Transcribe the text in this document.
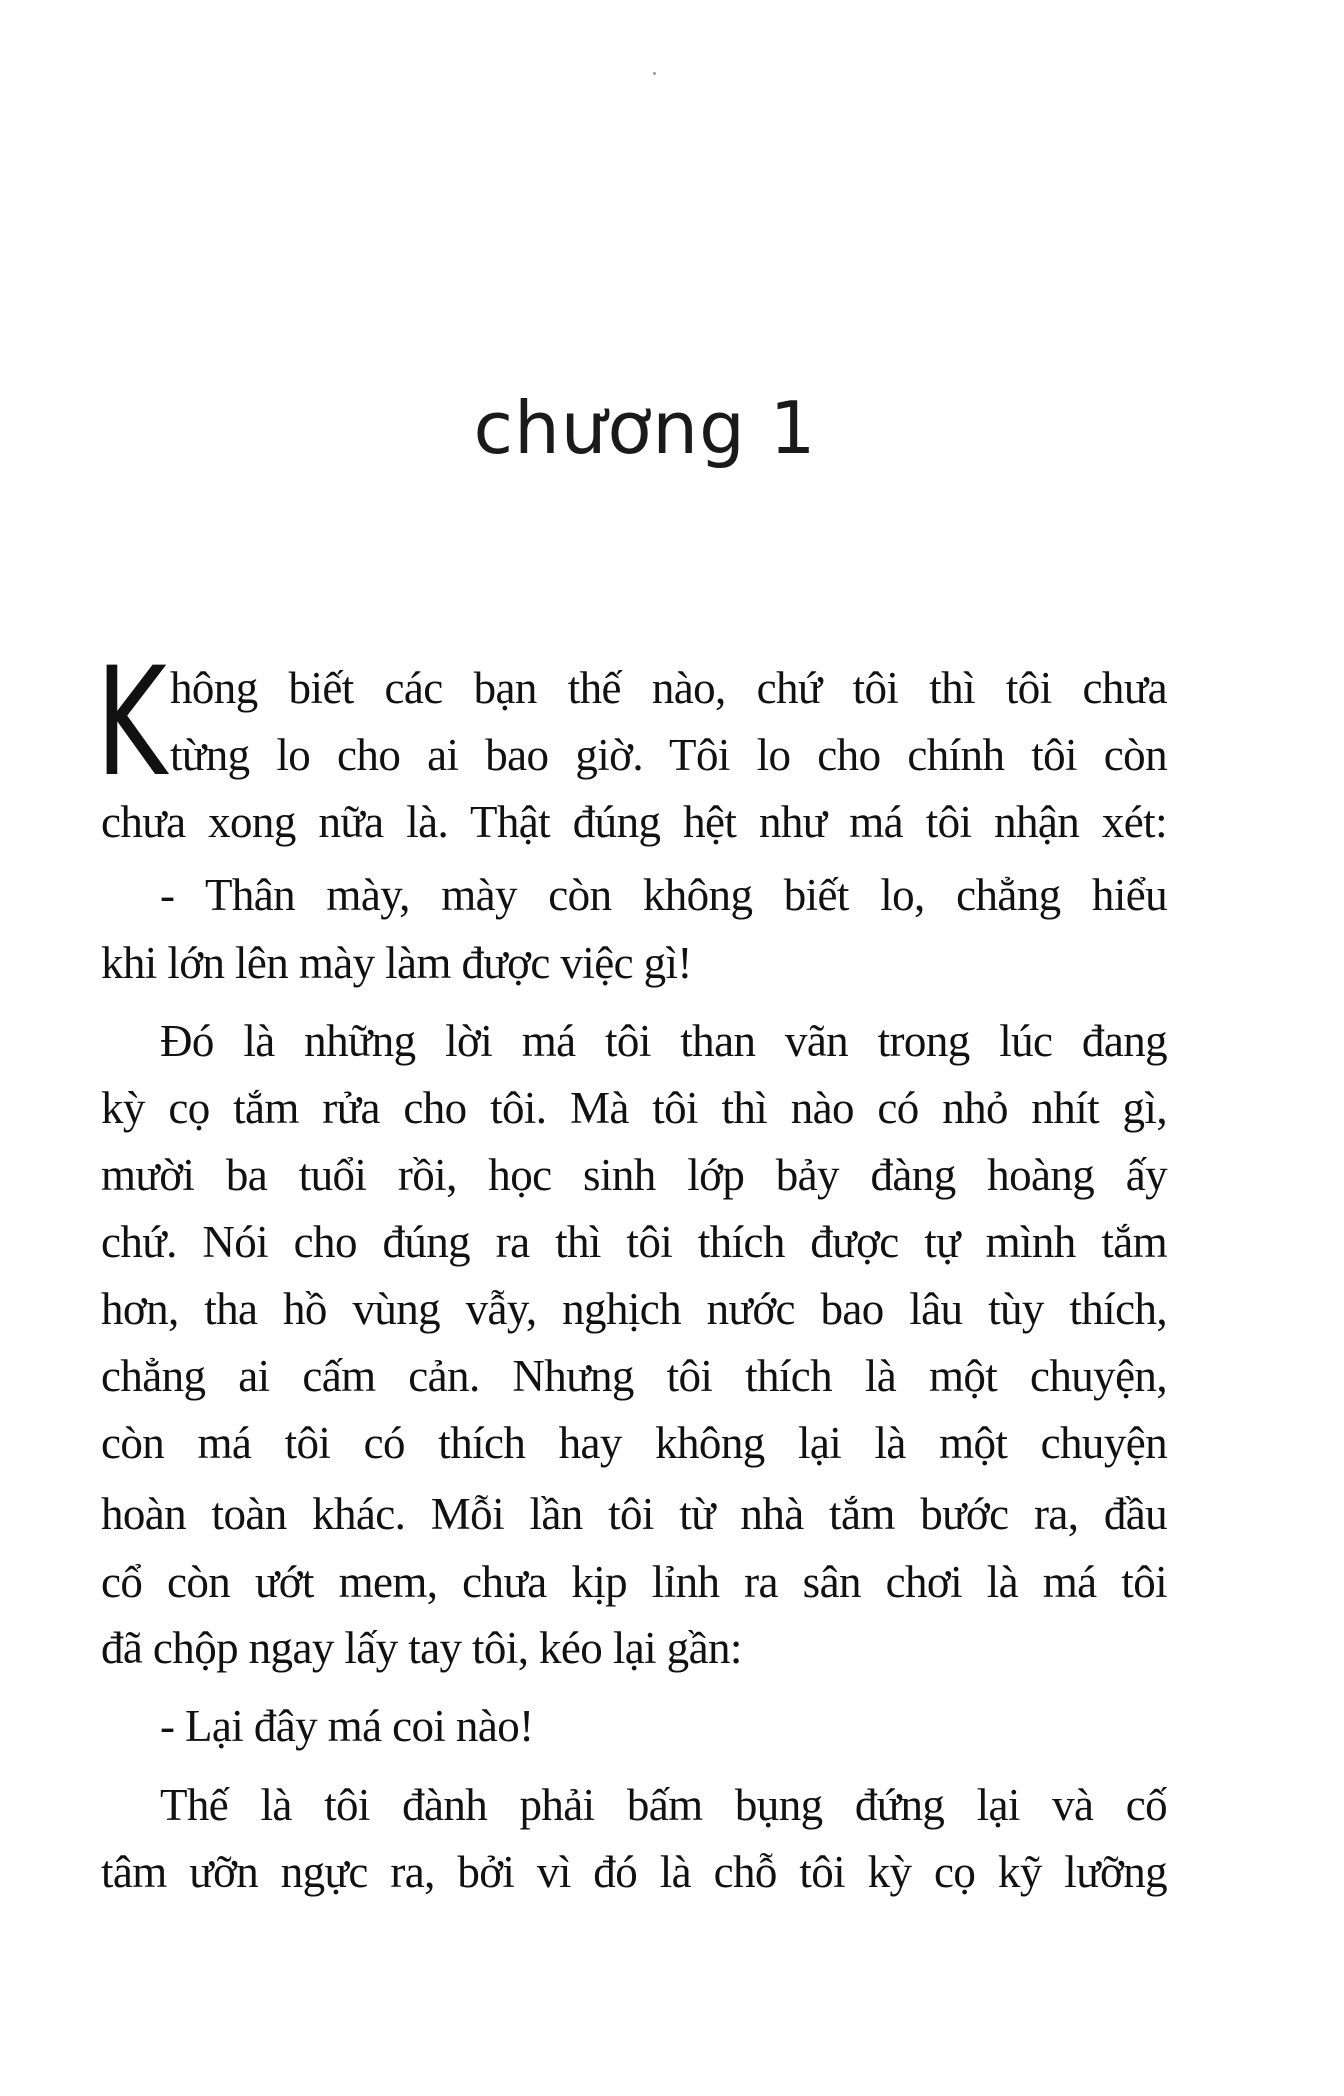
chương 1
K hông biết các bạn thế nào, chứ tôi thì tôi chưa
từng lo cho ai bao giờ. Tôi lo cho chính tôi còn
chưa xong nữa là. Thật đúng hệt như má tôi nhận xét:
- Thân mày, mày còn không biết lo, chẳng hiểu
khi lớn lên mày làm được việc gì!
Đó là những lời má tôi than vãn trong lúc đang
kỳ cọ tắm rửa cho tôi. Mà tôi thì nào có nhỏ nhít gì,
mười ba tuổi rồi, học sinh lớp bảy đàng hoàng ấy
chứ. Nói cho đúng ra thì tôi thích được tự mình tắm
hơn, tha hồ vùng vẫy, nghịch nước bao lâu tùy thích,
chẳng ai cấm cản. Nhưng tôi thích là một chuyện,
còn má tôi có thích hay không lại là một chuyện
hoàn toàn khác. Mỗi lần tôi từ nhà tắm bước ra, đầu
cổ còn ướt mem, chưa kịp lỉnh ra sân chơi là má tôi
đã chộp ngay lấy tay tôi, kéo lại gần:
- Lại đây má coi nào!
Thế là tôi đành phải bấm bụng đứng lại và cố
tâm ưỡn ngực ra, bởi vì đó là chỗ tôi kỳ cọ kỹ lưỡng
